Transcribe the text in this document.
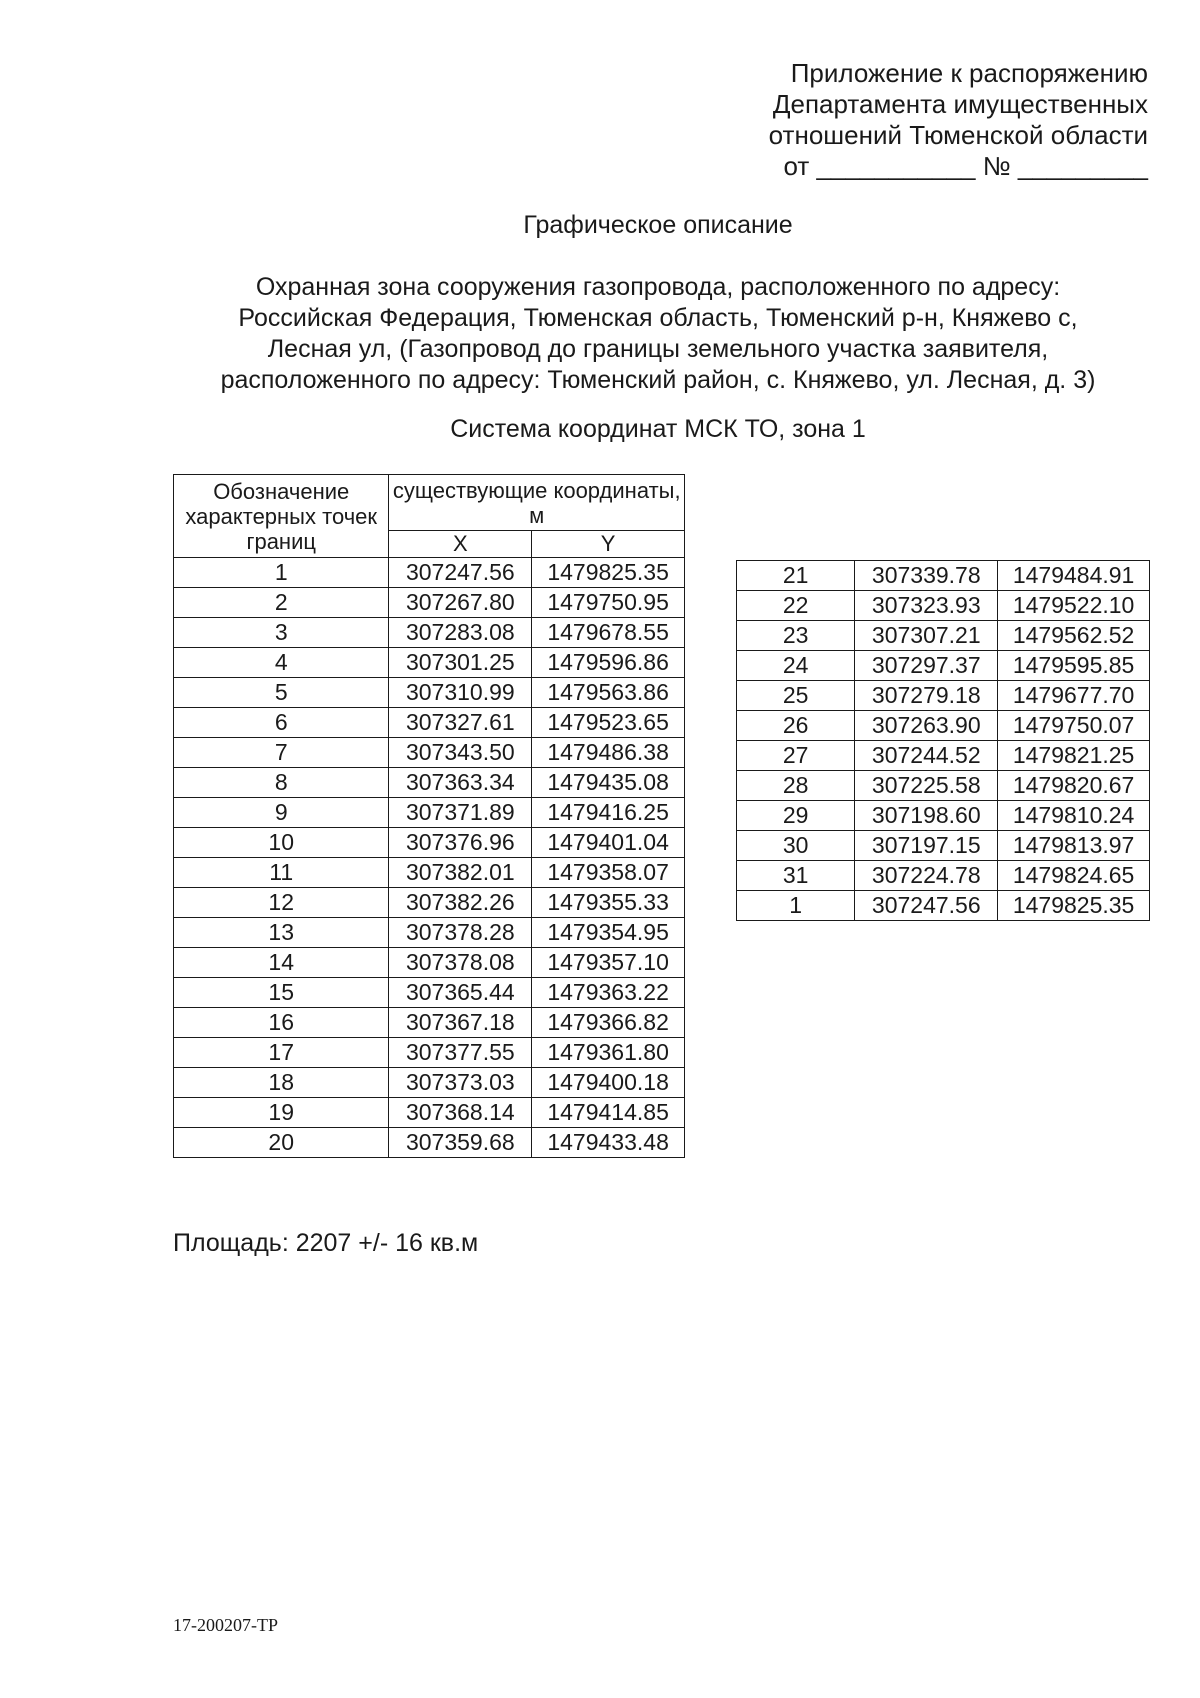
Приложение к распоряжению
Департамента имущественных
отношений Тюменской области
от ___________ № _________
Графическое описание
Охранная зона сооружения газопровода, расположенного по адресу:
Российская Федерация, Тюменская область, Тюменский р-н, Княжево с,
Лесная ул, (Газопровод до границы земельного участка заявителя,
расположенного по адресу: Тюменский район, с. Княжево, ул. Лесная, д. 3)
Система координат МСК ТО, зона 1
Обозначение характерных точек границ	существующие координаты, м	
	X	Y
1	307247.56	1479825.35
2	307267.80	1479750.95
3	307283.08	1479678.55
4	307301.25	1479596.86
5	307310.99	1479563.86
6	307327.61	1479523.65
7	307343.50	1479486.38
8	307363.34	1479435.08
9	307371.89	1479416.25
10	307376.96	1479401.04
11	307382.01	1479358.07
12	307382.26	1479355.33
13	307378.28	1479354.95
14	307378.08	1479357.10
15	307365.44	1479363.22
16	307367.18	1479366.82
17	307377.55	1479361.80
18	307373.03	1479400.18
19	307368.14	1479414.85
20	307359.68	1479433.48
21	307339.78	1479484.91
22	307323.93	1479522.10
23	307307.21	1479562.52
24	307297.37	1479595.85
25	307279.18	1479677.70
26	307263.90	1479750.07
27	307244.52	1479821.25
28	307225.58	1479820.67
29	307198.60	1479810.24
30	307197.15	1479813.97
31	307224.78	1479824.65
1	307247.56	1479825.35
Площадь: 2207 +/- 16 кв.м
17-200207-ТР
